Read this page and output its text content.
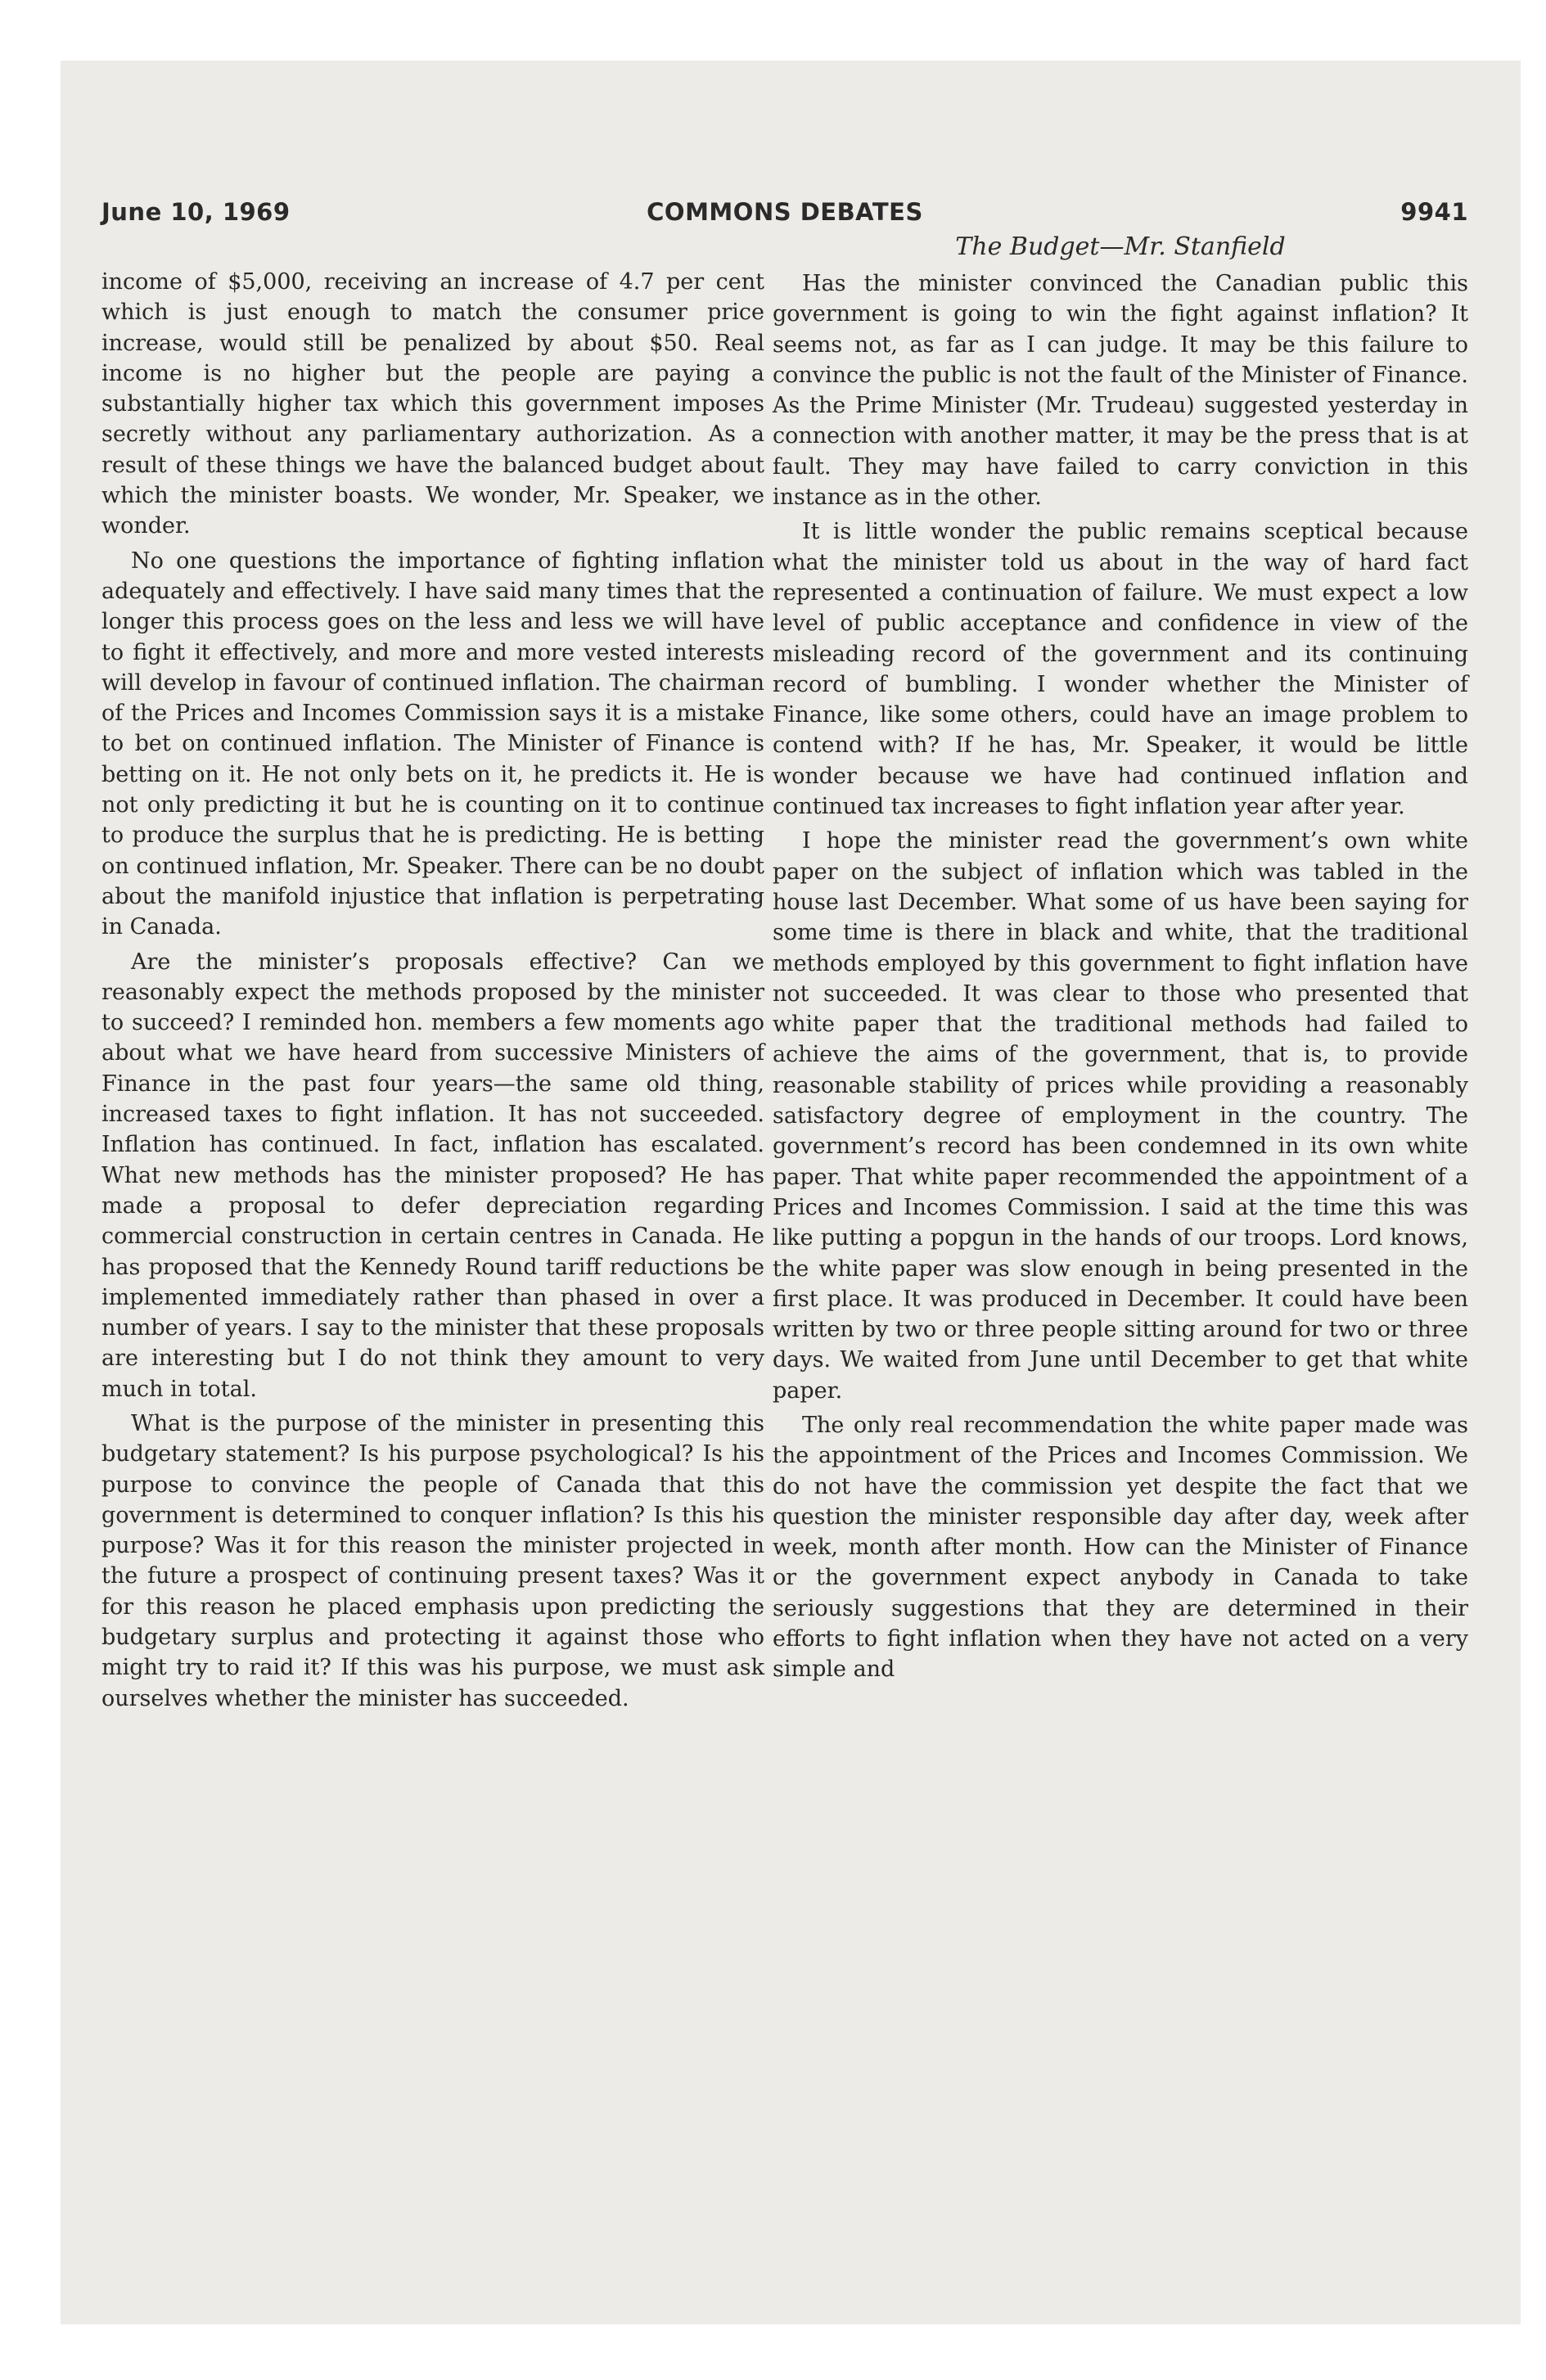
June 10, 1969	COMMONS DEBATES	9941
The Budget—Mr. Stanfield

income of $5,000, receiving an increase of 4.7 per cent which is just enough to match the consumer price increase, would still be penalized by about $50. Real income is no higher but the people are paying a substantially higher tax which this government imposes secretly without any parliamentary authorization. As a result of these things we have the balanced budget about which the minister boasts. We wonder, Mr. Speaker, we wonder.

No one questions the importance of fighting inflation adequately and effectively. I have said many times that the longer this process goes on the less and less we will have to fight it effectively, and more and more vested interests will develop in favour of continued inflation. The chairman of the Prices and Incomes Commission says it is a mistake to bet on continued inflation. The Minister of Finance is betting on it. He not only bets on it, he predicts it. He is not only predicting it but he is counting on it to continue to produce the surplus that he is predicting. He is betting on continued inflation, Mr. Speaker. There can be no doubt about the manifold injustice that inflation is perpetrating in Canada.

Are the minister’s proposals effective? Can we reasonably expect the methods proposed by the minister to succeed? I reminded hon. members a few moments ago about what we have heard from successive Ministers of Finance in the past four years—the same old thing, increased taxes to fight inflation. It has not succeeded. Inflation has continued. In fact, inflation has escalated. What new methods has the minister proposed? He has made a proposal to defer depreciation regarding commercial construction in certain centres in Canada. He has proposed that the Kennedy Round tariff reductions be implemented immediately rather than phased in over a number of years. I say to the minister that these proposals are interesting but I do not think they amount to very much in total.

What is the purpose of the minister in presenting this budgetary statement? Is his purpose psychological? Is his purpose to convince the people of Canada that this government is determined to conquer inflation? Is this his purpose? Was it for this reason the minister projected in the future a prospect of continuing present taxes? Was it for this reason he placed emphasis upon predicting the budgetary surplus and protecting it against those who might try to raid it? If this was his purpose, we must ask ourselves whether the minister has succeeded.

Has the minister convinced the Canadian public this government is going to win the fight against inflation? It seems not, as far as I can judge. It may be this failure to convince the public is not the fault of the Minister of Finance. As the Prime Minister (Mr. Trudeau) suggested yesterday in connection with another matter, it may be the press that is at fault. They may have failed to carry conviction in this instance as in the other.

It is little wonder the public remains sceptical because what the minister told us about in the way of hard fact represented a continuation of failure. We must expect a low level of public acceptance and confidence in view of the misleading record of the government and its continuing record of bumbling. I wonder whether the Minister of Finance, like some others, could have an image problem to contend with? If he has, Mr. Speaker, it would be little wonder because we have had continued inflation and continued tax increases to fight inflation year after year.

I hope the minister read the government’s own white paper on the subject of inflation which was tabled in the house last December. What some of us have been saying for some time is there in black and white, that the traditional methods employed by this government to fight inflation have not succeeded. It was clear to those who presented that white paper that the traditional methods had failed to achieve the aims of the government, that is, to provide reasonable stability of prices while providing a reasonably satisfactory degree of employment in the country. The government’s record has been condemned in its own white paper. That white paper recommended the appointment of a Prices and Incomes Commission. I said at the time this was like putting a popgun in the hands of our troops. Lord knows, the white paper was slow enough in being presented in the first place. It was produced in December. It could have been written by two or three people sitting around for two or three days. We waited from June until December to get that white paper.

The only real recommendation the white paper made was the appointment of the Prices and Incomes Commission. We do not have the commission yet despite the fact that we question the minister responsible day after day, week after week, month after month. How can the Minister of Finance or the government expect anybody in Canada to take seriously suggestions that they are determined in their efforts to fight inflation when they have not acted on a very simple and
